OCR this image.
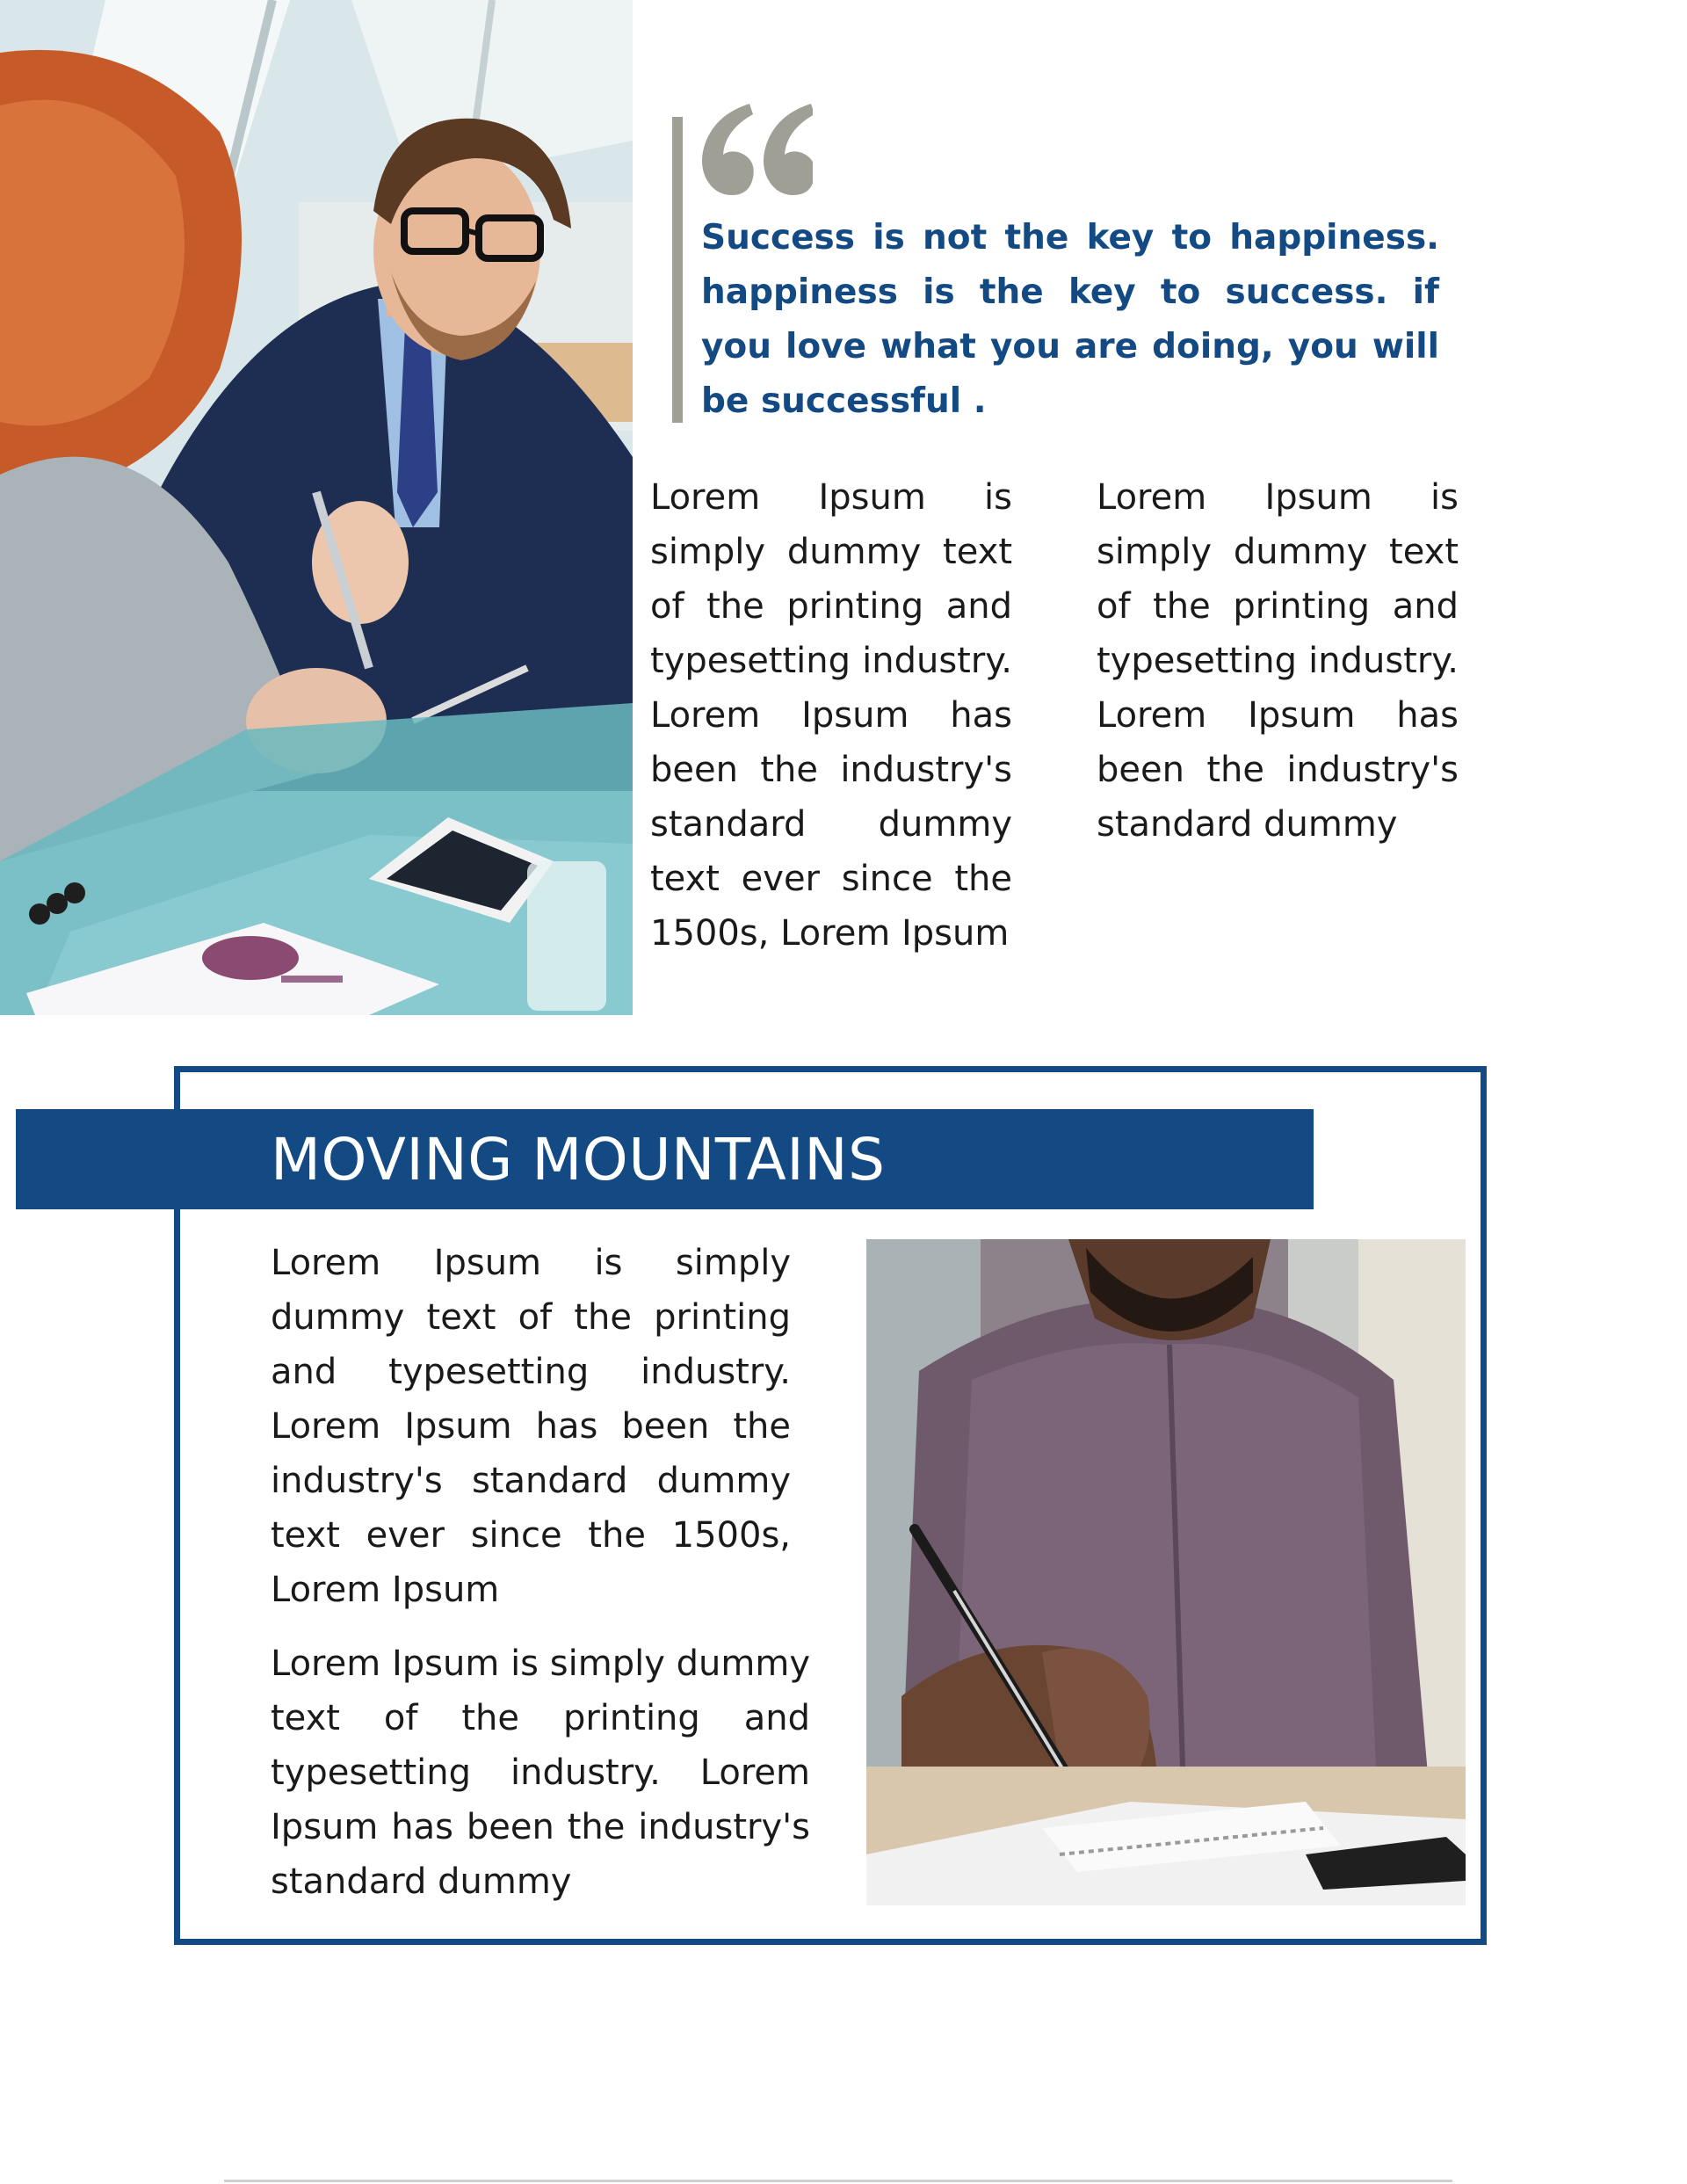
Success is not the key to happiness. happiness is the key to success. if you love what you are doing, you will be successful .

Lorem Ipsum is simply dummy text of the printing and typesetting industry. Lorem Ipsum has been the industry's standard dummy text ever since the 1500s, Lorem Ipsum

Lorem Ipsum is simply dummy text of the printing and typesetting industry. Lorem Ipsum has been the industry's standard dummy

MOVING MOUNTAINS

Lorem Ipsum is simply dummy text of the printing and typesetting industry. Lorem Ipsum has been the industry's standard dummy text ever since the 1500s, Lorem Ipsum

Lorem Ipsum is simply dummy text of the printing and typesetting industry. Lorem Ipsum has been the industry's standard dummy
